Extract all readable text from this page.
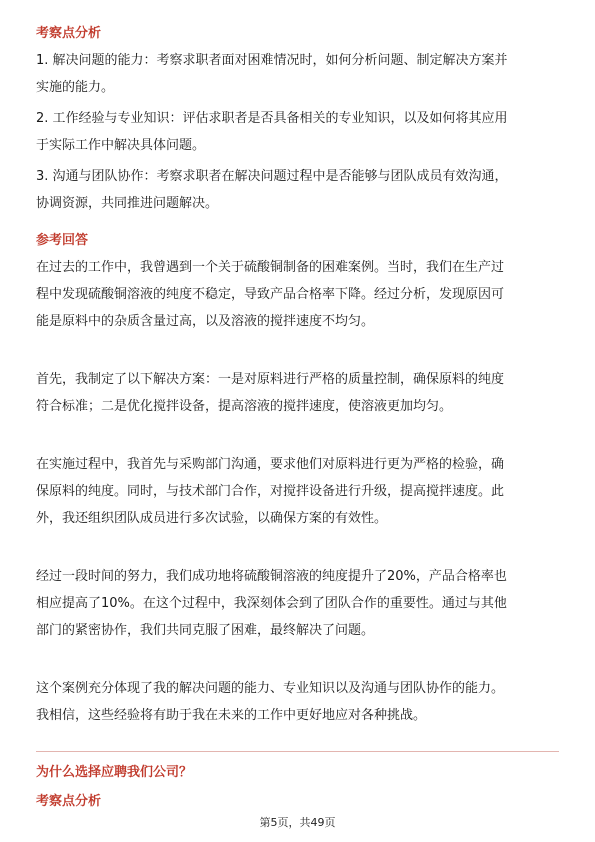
考察点分析
1. 解决问题的能力：考察求职者面对困难情况时，如何分析问题、制定解决方案并
实施的能力。
2. 工作经验与专业知识：评估求职者是否具备相关的专业知识，以及如何将其应用
于实际工作中解决具体问题。
3. 沟通与团队协作：考察求职者在解决问题过程中是否能够与团队成员有效沟通，
协调资源，共同推进问题解决。
参考回答
在过去的工作中，我曾遇到一个关于硫酸铜制备的困难案例。当时，我们在生产过
程中发现硫酸铜溶液的纯度不稳定，导致产品合格率下降。经过分析，发现原因可
能是原料中的杂质含量过高，以及溶液的搅拌速度不均匀。
首先，我制定了以下解决方案：一是对原料进行严格的质量控制，确保原料的纯度
符合标准；二是优化搅拌设备，提高溶液的搅拌速度，使溶液更加均匀。
在实施过程中，我首先与采购部门沟通，要求他们对原料进行更为严格的检验，确
保原料的纯度。同时，与技术部门合作，对搅拌设备进行升级，提高搅拌速度。此
外，我还组织团队成员进行多次试验，以确保方案的有效性。
经过一段时间的努力，我们成功地将硫酸铜溶液的纯度提升了20%，产品合格率也
相应提高了10%。在这个过程中，我深刻体会到了团队合作的重要性。通过与其他
部门的紧密协作，我们共同克服了困难，最终解决了问题。
这个案例充分体现了我的解决问题的能力、专业知识以及沟通与团队协作的能力。
我相信，这些经验将有助于我在未来的工作中更好地应对各种挑战。
为什么选择应聘我们公司？
考察点分析
第5页，共49页
